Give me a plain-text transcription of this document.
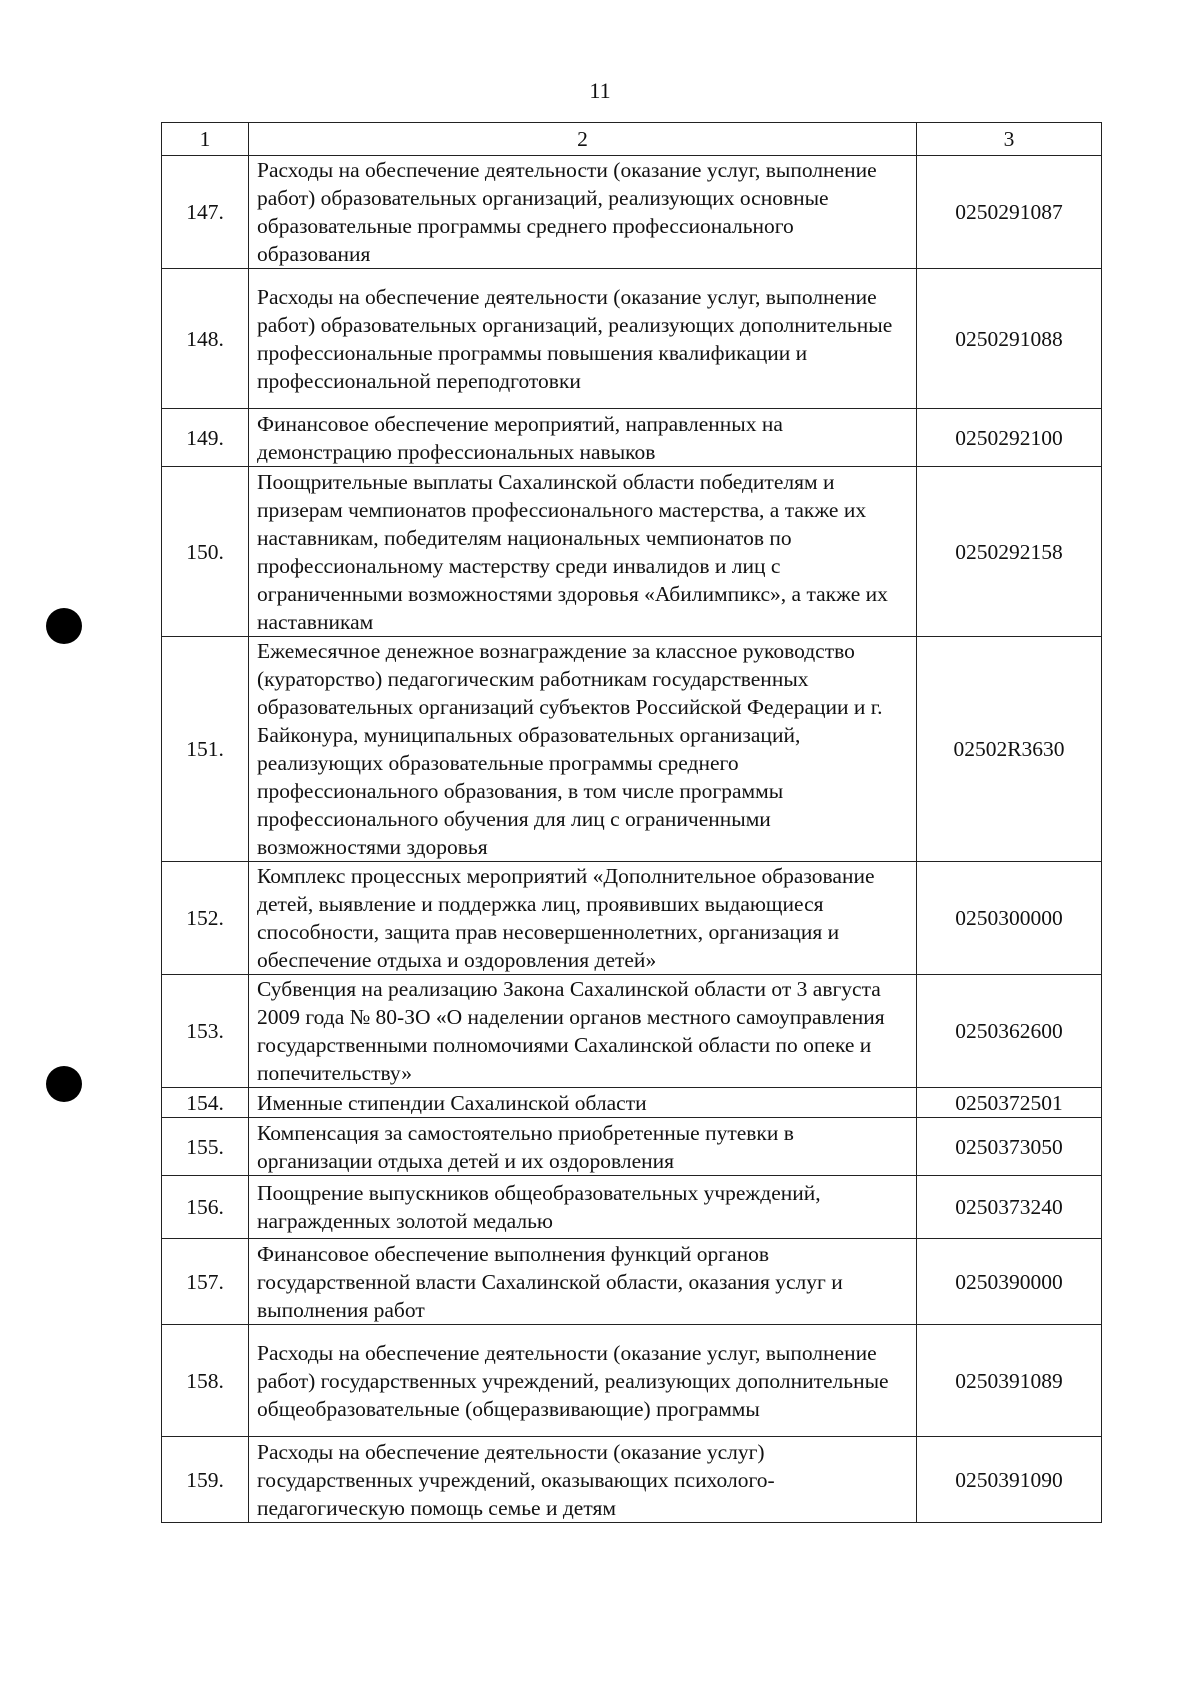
11
1	2	3
147.	Расходы на обеспечение деятельности (оказание услуг, выполнение работ) образовательных организаций, реализующих основные образовательные программы среднего профессионального образования	0250291087
148.	Расходы на обеспечение деятельности (оказание услуг, выполнение работ) образовательных организаций, реализующих дополнительные профессиональные программы повышения квалификации и профессиональной переподготовки	0250291088
149.	Финансовое обеспечение мероприятий, направленных на демонстрацию профессиональных навыков	0250292100
150.	Поощрительные выплаты Сахалинской области победителям и призерам чемпионатов профессионального мастерства, а также их наставникам, победителям национальных чемпионатов по профессиональному мастерству среди инвалидов и лиц с ограниченными возможностями здоровья «Абилимпикс», а также их наставникам	0250292158
151.	Ежемесячное денежное вознаграждение за классное руководство (кураторство) педагогическим работникам государственных образовательных организаций субъектов Российской Федерации и г. Байконура, муниципальных образовательных организаций, реализующих образовательные программы среднего профессионального образования, в том числе программы профессионального обучения для лиц с ограниченными возможностями здоровья	02502R3630
152.	Комплекс процессных мероприятий «Дополнительное образование детей, выявление и поддержка лиц, проявивших выдающиеся способности, защита прав несовершеннолетних, организация и обеспечение отдыха и оздоровления детей»	0250300000
153.	Субвенция на реализацию Закона Сахалинской области от 3 августа 2009 года № 80-ЗО «О наделении органов местного самоуправления государственными полномочиями Сахалинской области по опеке и попечительству»	0250362600
154.	Именные стипендии Сахалинской области	0250372501
155.	Компенсация за самостоятельно приобретенные путевки в организации отдыха детей и их оздоровления	0250373050
156.	Поощрение выпускников общеобразовательных учреждений, награжденных золотой медалью	0250373240
157.	Финансовое обеспечение выполнения функций органов государственной власти Сахалинской области, оказания услуг и выполнения работ	0250390000
158.	Расходы на обеспечение деятельности (оказание услуг, выполнение работ) государственных учреждений, реализующих дополнительные общеобразовательные (общеразвивающие) программы	0250391089
159.	Расходы на обеспечение деятельности (оказание услуг) государственных учреждений, оказывающих психолого-педагогическую помощь семье и детям	0250391090
